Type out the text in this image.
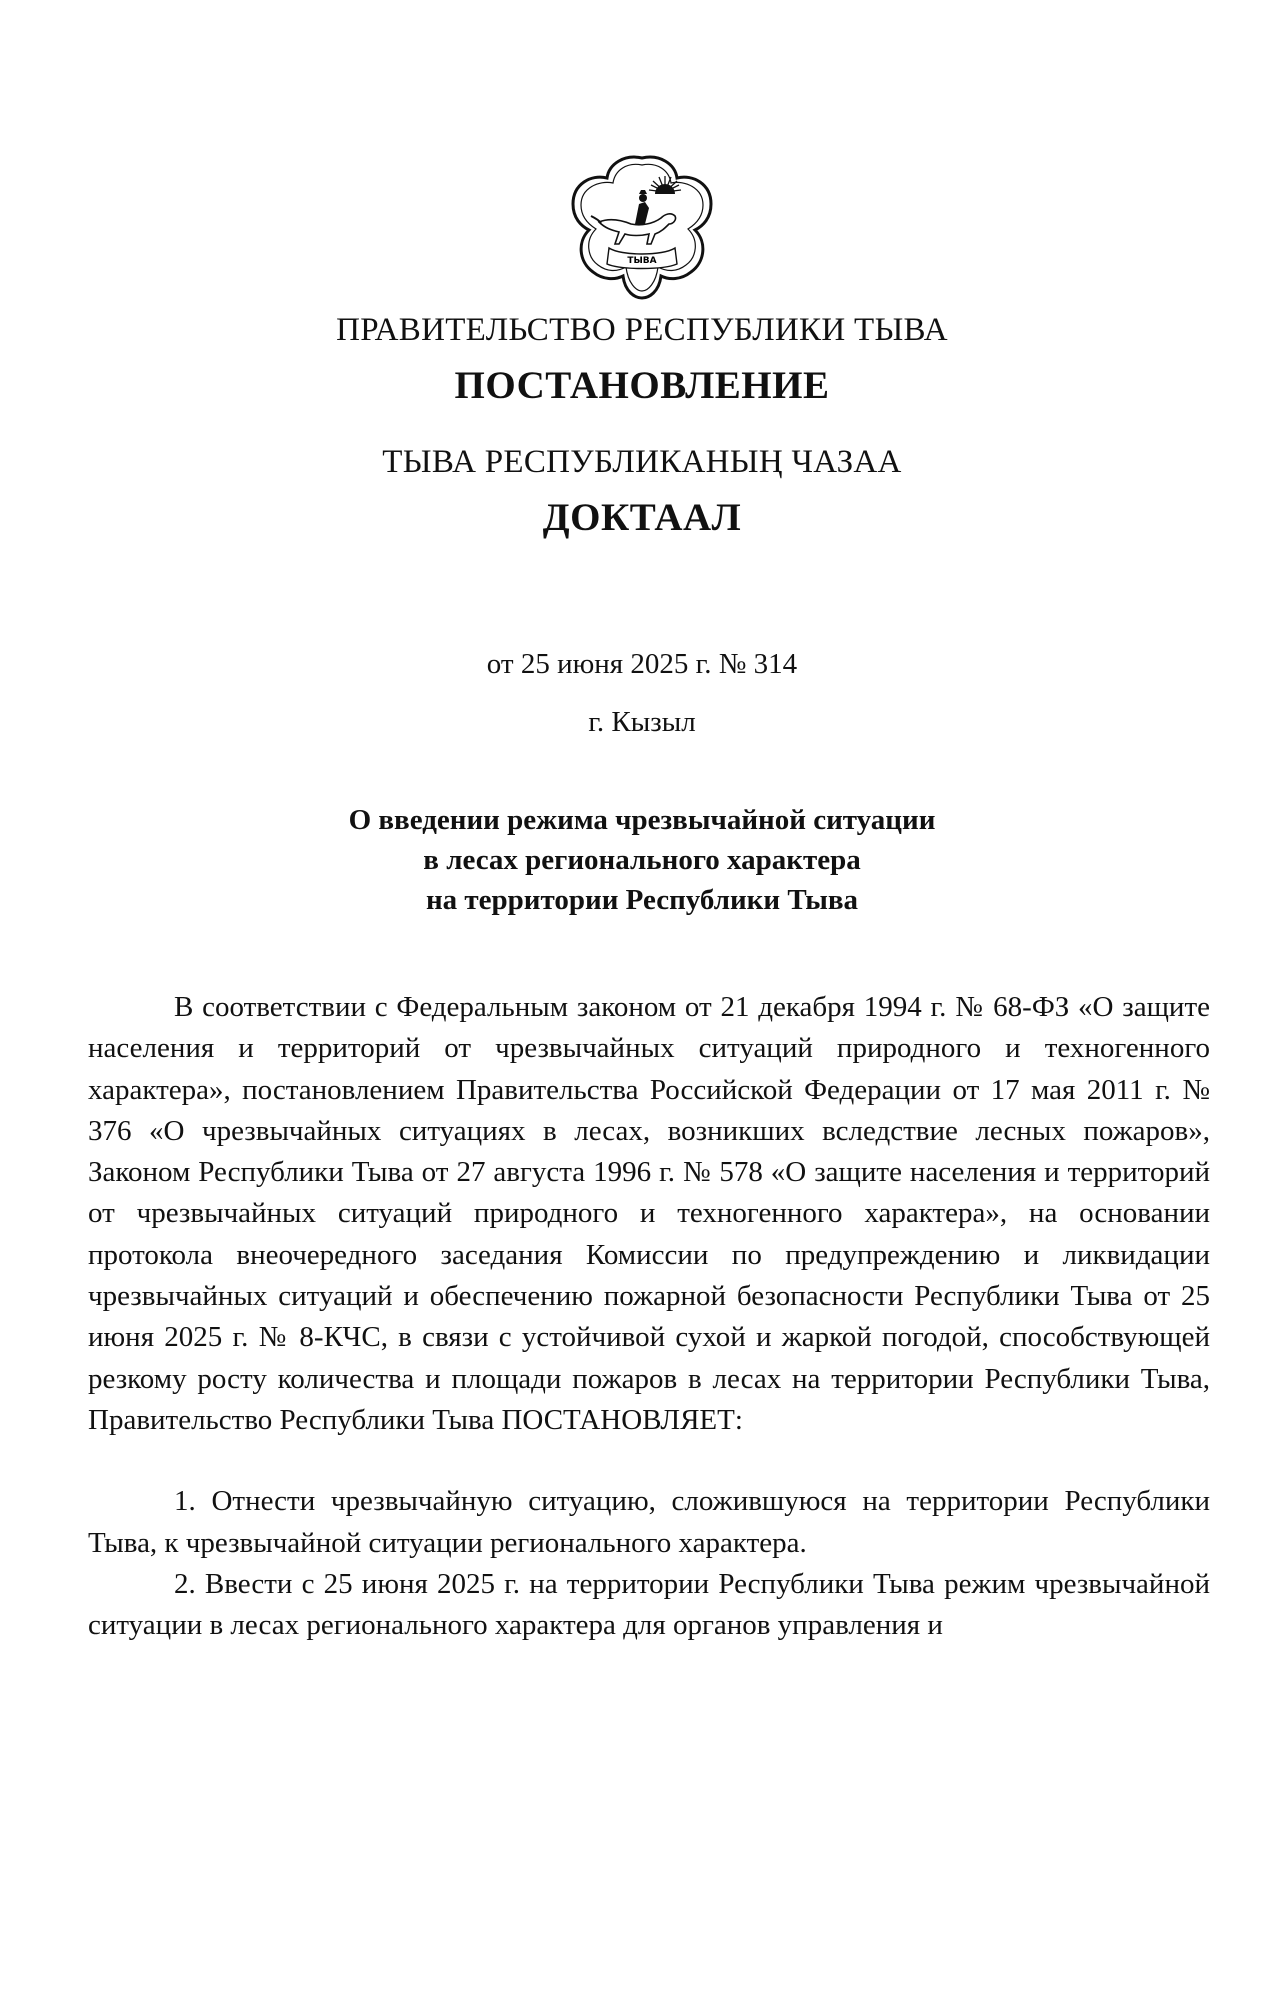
ТЫВА
ПРАВИТЕЛЬСТВО РЕСПУБЛИКИ ТЫВА
ПОСТАНОВЛЕНИЕ
ТЫВА РЕСПУБЛИКАНЫҢ ЧАЗАА
ДОКТААЛ
от 25 июня 2025 г. № 314
г. Кызыл
О введении режима чрезвычайной ситуации
в лесах регионального характера
на территории Республики Тыва

В соответствии с Федеральным законом от 21 декабря 1994 г. № 68-ФЗ «О защите населения и территорий от чрезвычайных ситуаций природного и техногенного характера», постановлением Правительства Российской Федерации от 17 мая 2011 г. № 376 «О чрезвычайных ситуациях в лесах, возникших вследствие лесных пожаров», Законом Республики Тыва от 27 августа 1996 г. № 578 «О защите населения и территорий от чрезвычайных ситуаций природного и техногенного характера», на основании протокола внеочередного заседания Комиссии по предупреждению и ликвидации чрезвычайных ситуаций и обеспечению пожарной безопасности Республики Тыва от 25 июня 2025 г. № 8-КЧС, в связи с устойчивой сухой и жаркой погодой, способствующей резкому росту количества и площади пожаров в лесах на территории Республики Тыва, Правительство Республики Тыва ПОСТАНОВЛЯЕТ:

1. Отнести чрезвычайную ситуацию, сложившуюся на территории Республики Тыва, к чрезвычайной ситуации регионального характера.

2. Ввести с 25 июня 2025 г. на территории Республики Тыва режим чрезвычайной ситуации в лесах регионального характера для органов управления и
